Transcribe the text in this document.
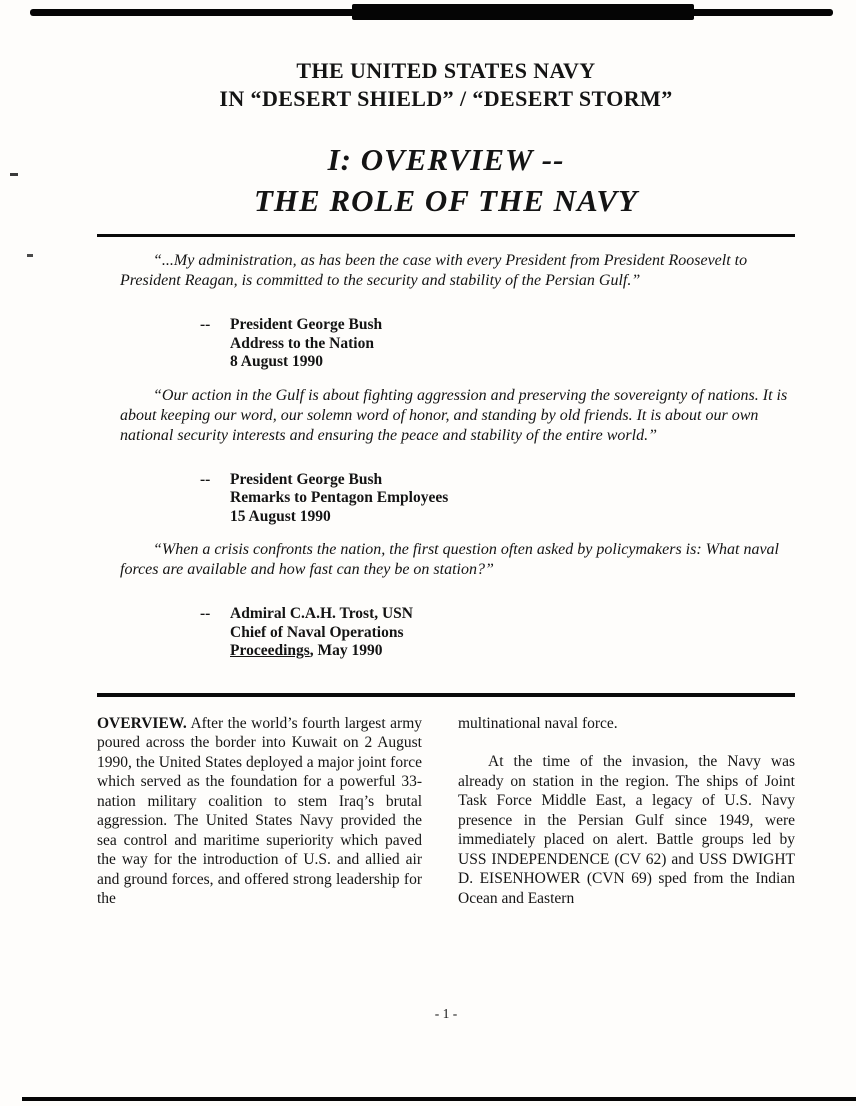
THE UNITED STATES NAVY
IN “DESERT SHIELD” / “DESERT STORM”
I: OVERVIEW --
THE ROLE OF THE NAVY

“...My administration, as has been the case with every President from President Roosevelt to President Reagan, is committed to the security and stability of the Persian Gulf.”

--	President George Bush
Address to the Nation
8 August 1990

“Our action in the Gulf is about fighting aggression and preserving the sovereignty of nations. It is about keeping our word, our solemn word of honor, and standing by old friends. It is about our own national security interests and ensuring the peace and stability of the entire world.”

--	President George Bush
Remarks to Pentagon Employees
15 August 1990

“When a crisis confronts the nation, the first question often asked by policymakers is: What naval forces are available and how fast can they be on station?”

--	Admiral C.A.H. Trost, USN
Chief of Naval Operations
Proceedings, May 1990

OVERVIEW. After the world’s fourth largest army poured across the border into Kuwait on 2 August 1990, the United States deployed a major joint force which served as the foundation for a powerful 33-nation military coalition to stem Iraq’s brutal aggression. The United States Navy provided the sea control and maritime superiority which paved the way for the introduction of U.S. and allied air and ground forces, and offered strong leadership for the

multinational naval force.

At the time of the invasion, the Navy was already on station in the region. The ships of Joint Task Force Middle East, a legacy of U.S. Navy presence in the Persian Gulf since 1949, were immediately placed on alert. Battle groups led by USS INDEPENDENCE (CV 62) and USS DWIGHT D. EISENHOWER (CVN 69) sped from the Indian Ocean and Eastern

- 1 -
